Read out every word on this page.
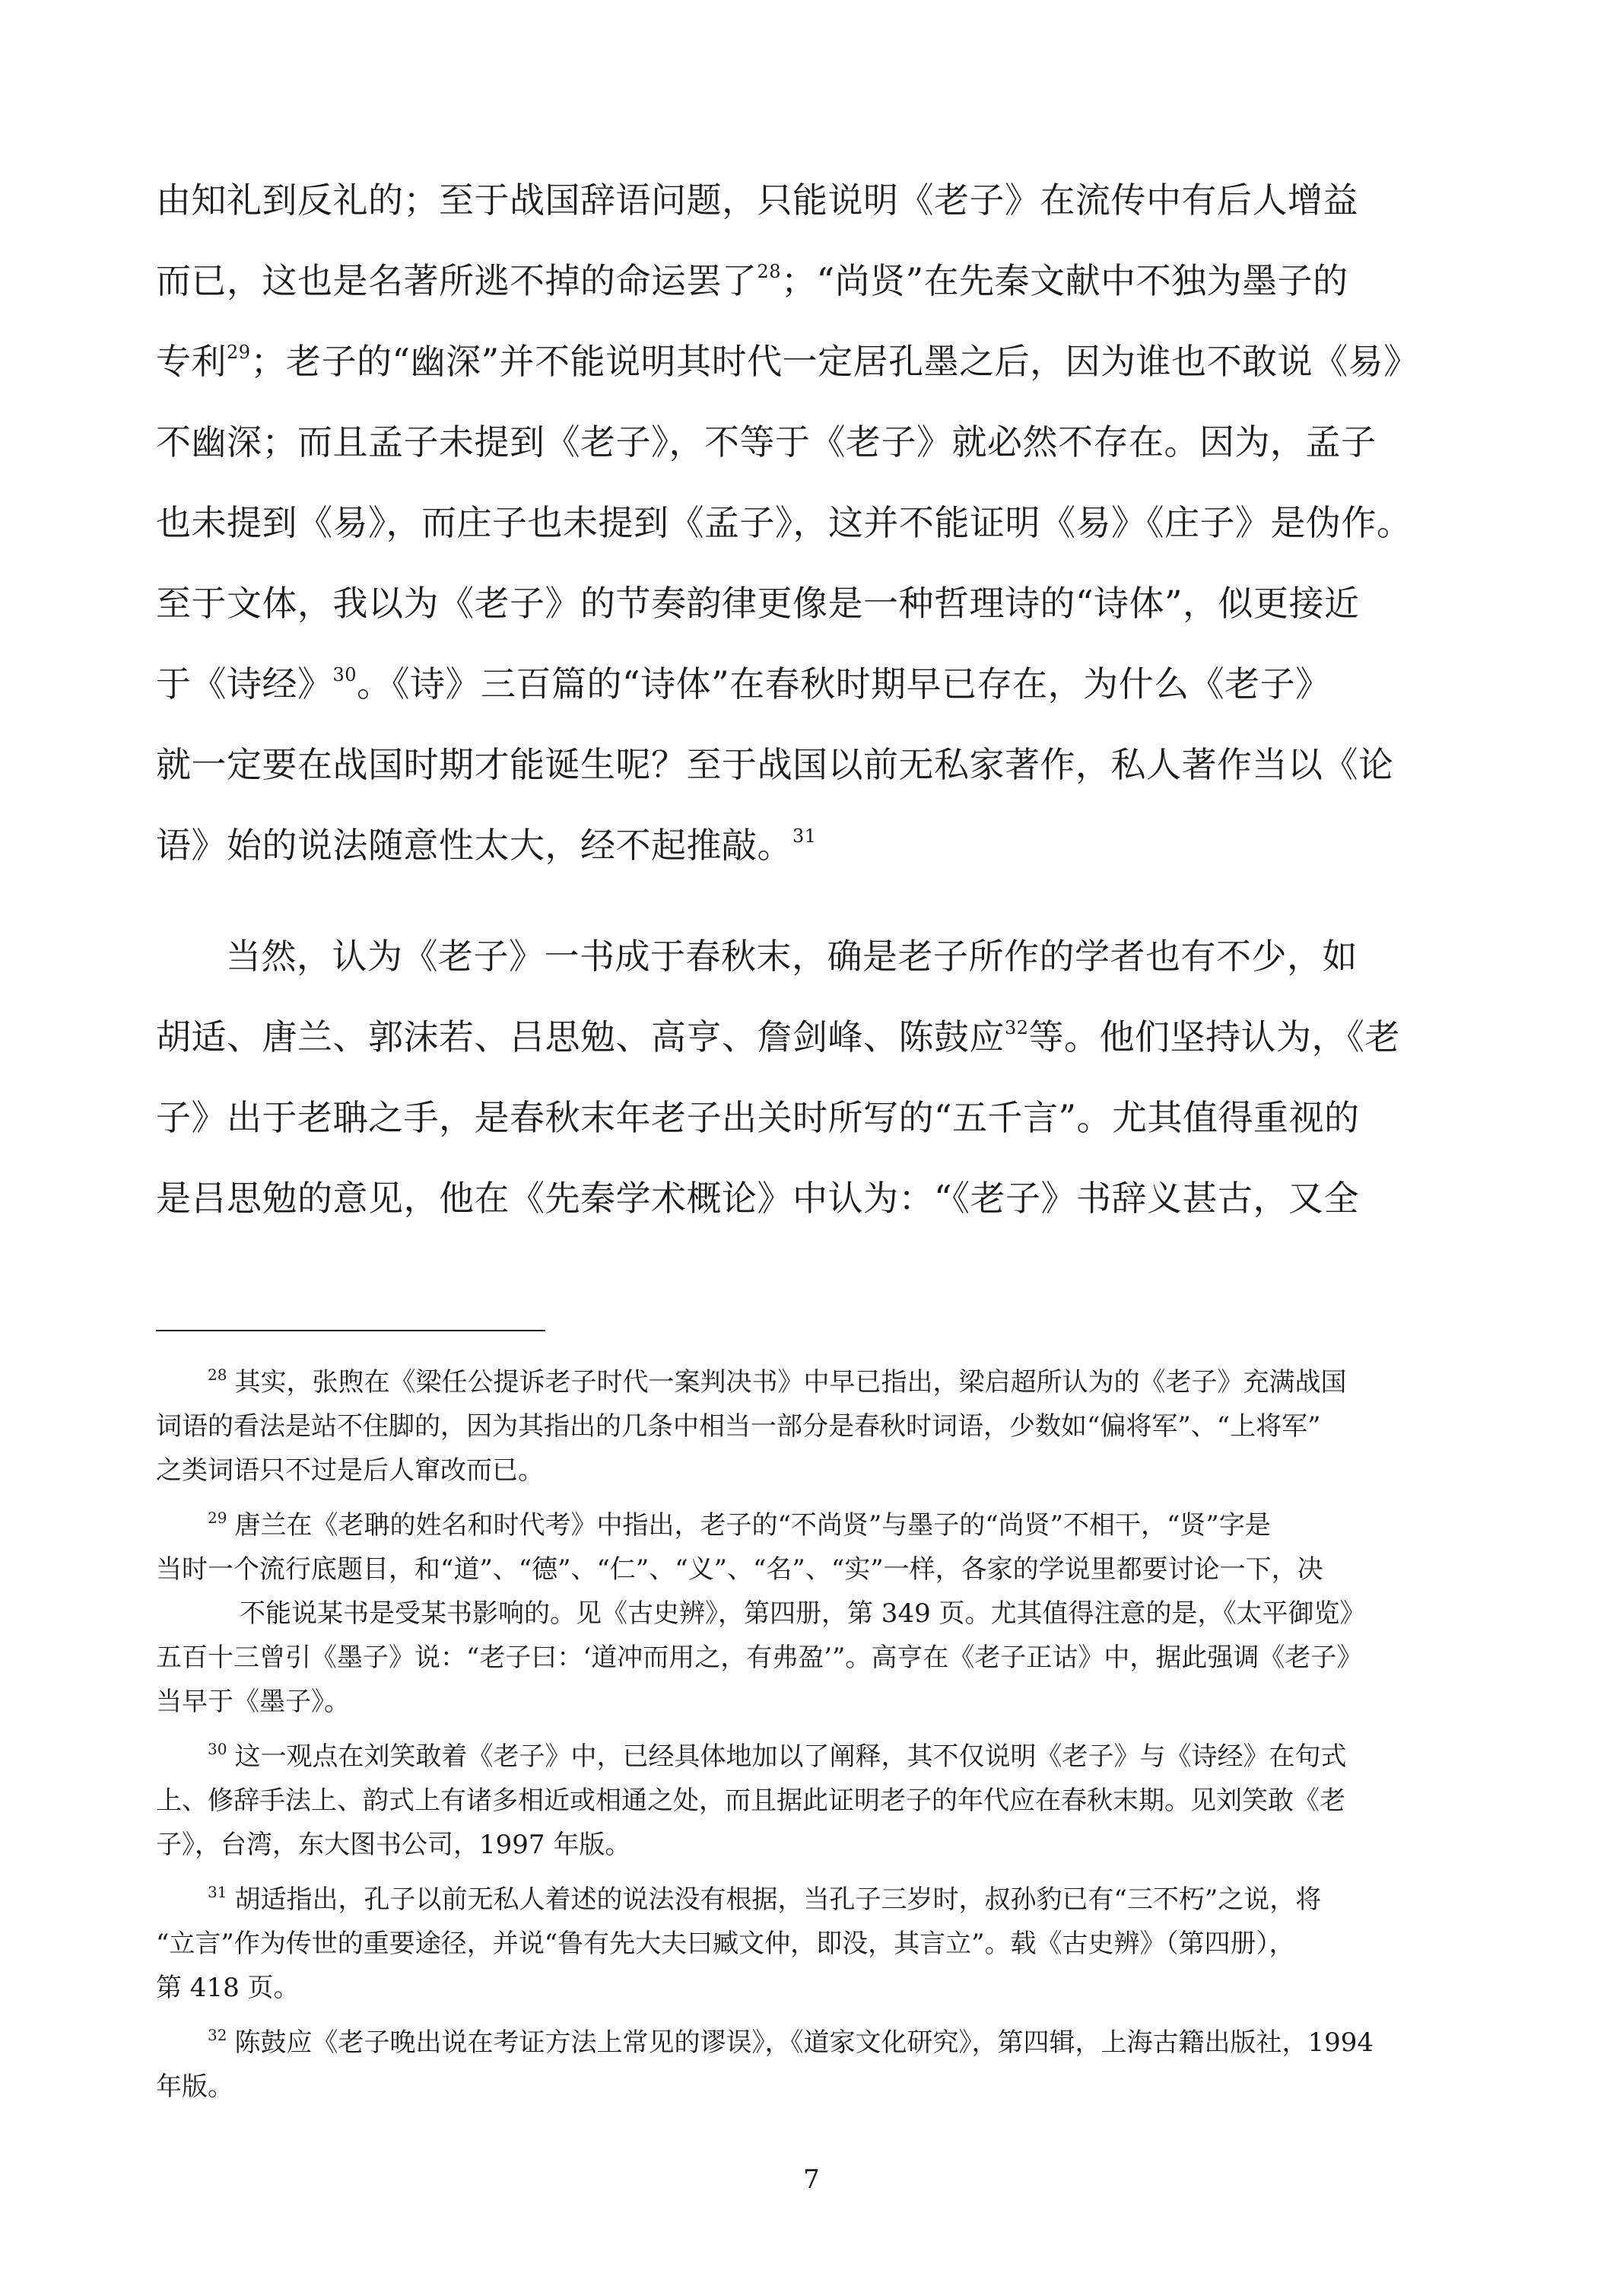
由知礼到反礼的；至于战国辞语问题，只能说明《老子》在流传中有后人增益
而已，这也是名著所逃不掉的命运罢了$^{28}$；“尚贤”在先秦文献中不独为墨子的
专利$^{29}$；老子的“幽深”并不能说明其时代一定居孔墨之后，因为谁也不敢说《易》
不幽深；而且孟子未提到《老子》，不等于《老子》就必然不存在。因为，孟子
也未提到《易》，而庄子也未提到《孟子》，这并不能证明《易》《庄子》是伪作。
至于文体，我以为《老子》的节奏韵律更像是一种哲理诗的“诗体”，似更接近
于《诗经》$^{30}$。《诗》三百篇的“诗体”在春秋时期早已存在，为什么《老子》
就一定要在战国时期才能诞生呢？至于战国以前无私家著作，私人著作当以《论
语》始的说法随意性太大，经不起推敲。$^{31}$
当然，认为《老子》一书成于春秋末，确是老子所作的学者也有不少，如
胡适、唐兰、郭沫若、吕思勉、高亨、詹剑峰、陈鼓应$^{32}$等。他们坚持认为，《老
子》出于老聃之手，是春秋末年老子出关时所写的“五千言”。尤其值得重视的
是吕思勉的意见，他在《先秦学术概论》中认为：“《老子》书辞义甚古，又全
$^{28}$ 其实，张煦在《梁任公提诉老子时代一案判决书》中早已指出，梁启超所认为的《老子》充满战国
词语的看法是站不住脚的，因为其指出的几条中相当一部分是春秋时词语，少数如“偏将军”、“上将军”
之类词语只不过是后人窜改而已。
$^{29}$ 唐兰在《老聃的姓名和时代考》中指出，老子的“不尚贤”与墨子的“尚贤”不相干，“贤”字是
当时一个流行底题目，和“道”、“德”、“仁”、“义”、“名”、“实”一样，各家的学说里都要讨论一下，决
不能说某书是受某书影响的。见《古史辨》，第四册，第 349 页。尤其值得注意的是，《太平御览》
五百十三曾引《墨子》说：“老子曰：‘道冲而用之，有弗盈’”。高亨在《老子正诂》中，据此强调《老子》
当早于《墨子》。
$^{30}$ 这一观点在刘笑敢着《老子》中，已经具体地加以了阐释，其不仅说明《老子》与《诗经》在句式
上、修辞手法上、韵式上有诸多相近或相通之处，而且据此证明老子的年代应在春秋末期。见刘笑敢《老
子》，台湾，东大图书公司，1997 年版。
$^{31}$ 胡适指出，孔子以前无私人着述的说法没有根据，当孔子三岁时，叔孙豹已有“三不朽”之说，将
“立言”作为传世的重要途径，并说“鲁有先大夫曰臧文仲，即没，其言立”。载《古史辨》（第四册），
第 418 页。
$^{32}$ 陈鼓应《老子晚出说在考证方法上常见的谬误》，《道家文化研究》，第四辑，上海古籍出版社，1994
年版。
7
